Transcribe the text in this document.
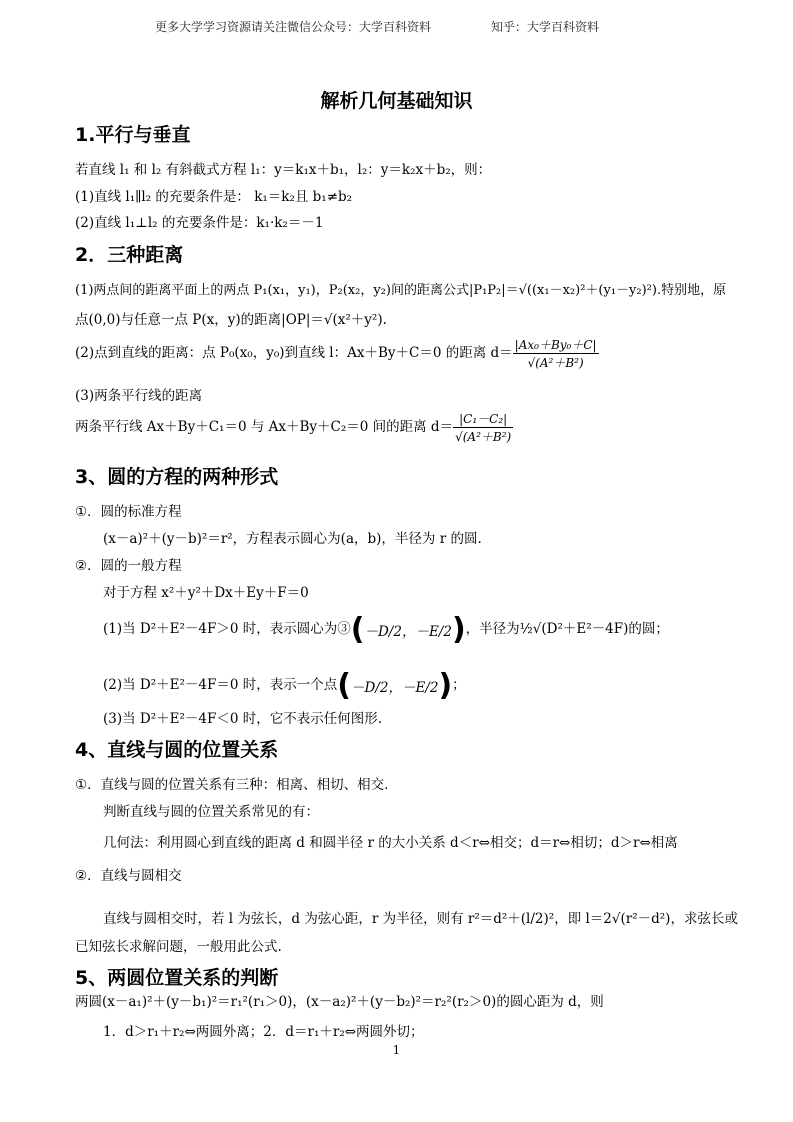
更多大学学习资源请关注微信公众号：大学百科资料	知乎：大学百科资料
解析几何基础知识
1.平行与垂直
若直线 l₁ 和 l₂ 有斜截式方程 l₁：y＝k₁x＋b₁，l₂：y＝k₂x＋b₂，则：
(1)直线 l₁∥l₂ 的充要条件是： k₁＝k₂且 b₁≠b₂
(2)直线 l₁⊥l₂ 的充要条件是：k₁·k₂＝－1
2．三种距离
(1)两点间的距离平面上的两点 P₁(x₁，y₁)，P₂(x₂，y₂)间的距离公式|P₁P₂|＝√((x₁－x₂)²＋(y₁－y₂)²).特别地，原
点(0,0)与任意一点 P(x，y)的距离|OP|＝√(x²＋y²).
(2)点到直线的距离：点 P₀(x₀，y₀)到直线 l：Ax＋By＋C＝0 的距离 $d= \frac{\text{|Ax₀＋By₀＋C|}}{\text{√(A²＋B²)}}$
(3)两条平行线的距离
两条平行线 Ax＋By＋C₁＝0 与 Ax＋By＋C₂＝0 间的距离 $d= \frac{\text{|C₁－C₂|}}{\text{√(A²＋B²)}}$
3、圆的方程的两种形式
①．圆的标准方程
(x－a)²＋(y－b)²＝r²，方程表示圆心为(a，b)，半径为 r 的圆.
②．圆的一般方程
对于方程 x²＋y²＋Dx＋Ey＋F＝0
(1)当 D²＋E²－4F＞0 时，表示圆心为③(－D/2，－E/2)，半径为½√(D²＋E²－4F)的圆；
(2)当 D²＋E²－4F＝0 时，表示一个点(－D/2，－E/2)；
(3)当 D²＋E²－4F＜0 时，它不表示任何图形.
4、直线与圆的位置关系
①．直线与圆的位置关系有三种：相离、相切、相交.
判断直线与圆的位置关系常见的有：
几何法：利用圆心到直线的距离 d 和圆半径 r 的大小关系 d＜r⇔相交；d＝r⇔相切；d＞r⇔相离
②．直线与圆相交
直线与圆相交时，若 l 为弦长，d 为弦心距，r 为半径，则有 r²＝d²＋(l/2)²，即 l＝2√(r²－d²)，求弦长或
已知弦长求解问题，一般用此公式.
5、两圆位置关系的判断
两圆(x－a₁)²＋(y－b₁)²＝r₁²(r₁＞0)，(x－a₂)²＋(y－b₂)²＝r₂²(r₂＞0)的圆心距为 d，则
1．d＞r₁＋r₂⇔两圆外离；2．d＝r₁＋r₂⇔两圆外切；
1
